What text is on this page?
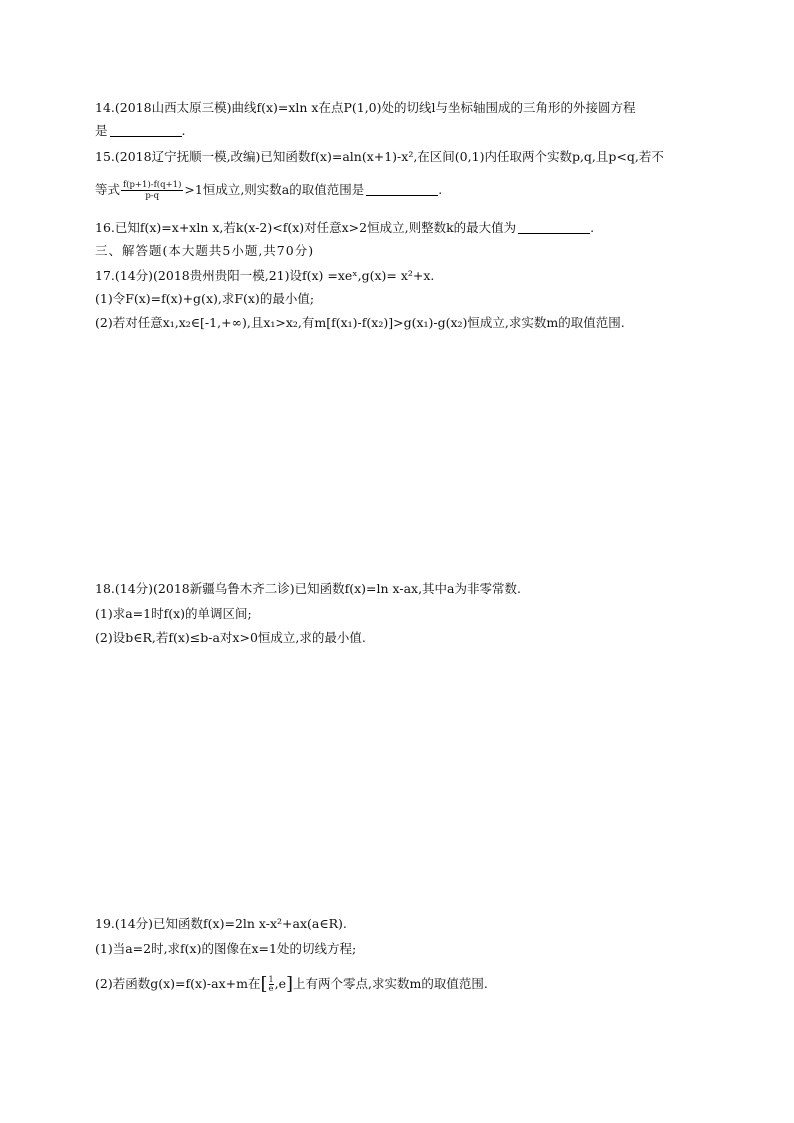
14.(2018山西太原三模)曲线f(x)=xln x在点P(1,0)处的切线l与坐标轴围成的三角形的外接圆方程
是	.
15.(2018辽宁抚顺一模,改编)已知函数f(x)=aln(x+1)-x²,在区间(0,1)内任取两个实数p,q,且p<q,若不
等式 $\frac{f(p+1)-f(q+1)}{p-q} >1$恒成立,则实数a的取值范围是	.
16.已知f(x)=x+xln x,若k(x-2)<f(x)对任意x>2恒成立,则整数k的最大值为	.
三、解答题(本大题共5小题,共70分)
17.(14分)(2018贵州贵阳一模,21)设f(x) =xeˣ,g(x)= x²+x.
(1)令F(x)=f(x)+g(x),求F(x)的最小值;
(2)若对任意x₁,x₂∈[-1,+∞),且x₁>x₂,有m[f(x₁)-f(x₂)]>g(x₁)-g(x₂)恒成立,求实数m的取值范围.
18.(14分)(2018新疆乌鲁木齐二诊)已知函数f(x)=ln x-ax,其中a为非零常数.
(1)求a=1时f(x)的单调区间;
(2)设b∈R,若f(x)≤b-a对x>0恒成立,求的最小值.
19.(14分)已知函数f(x)=2ln x-x²+ax(a∈R).
(1)当a=2时,求f(x)的图像在x=1处的切线方程;
(2)若函数g(x)=f(x)-ax+m在[ $\frac{1}{e} ,e$]上有两个零点,求实数m的取值范围.
